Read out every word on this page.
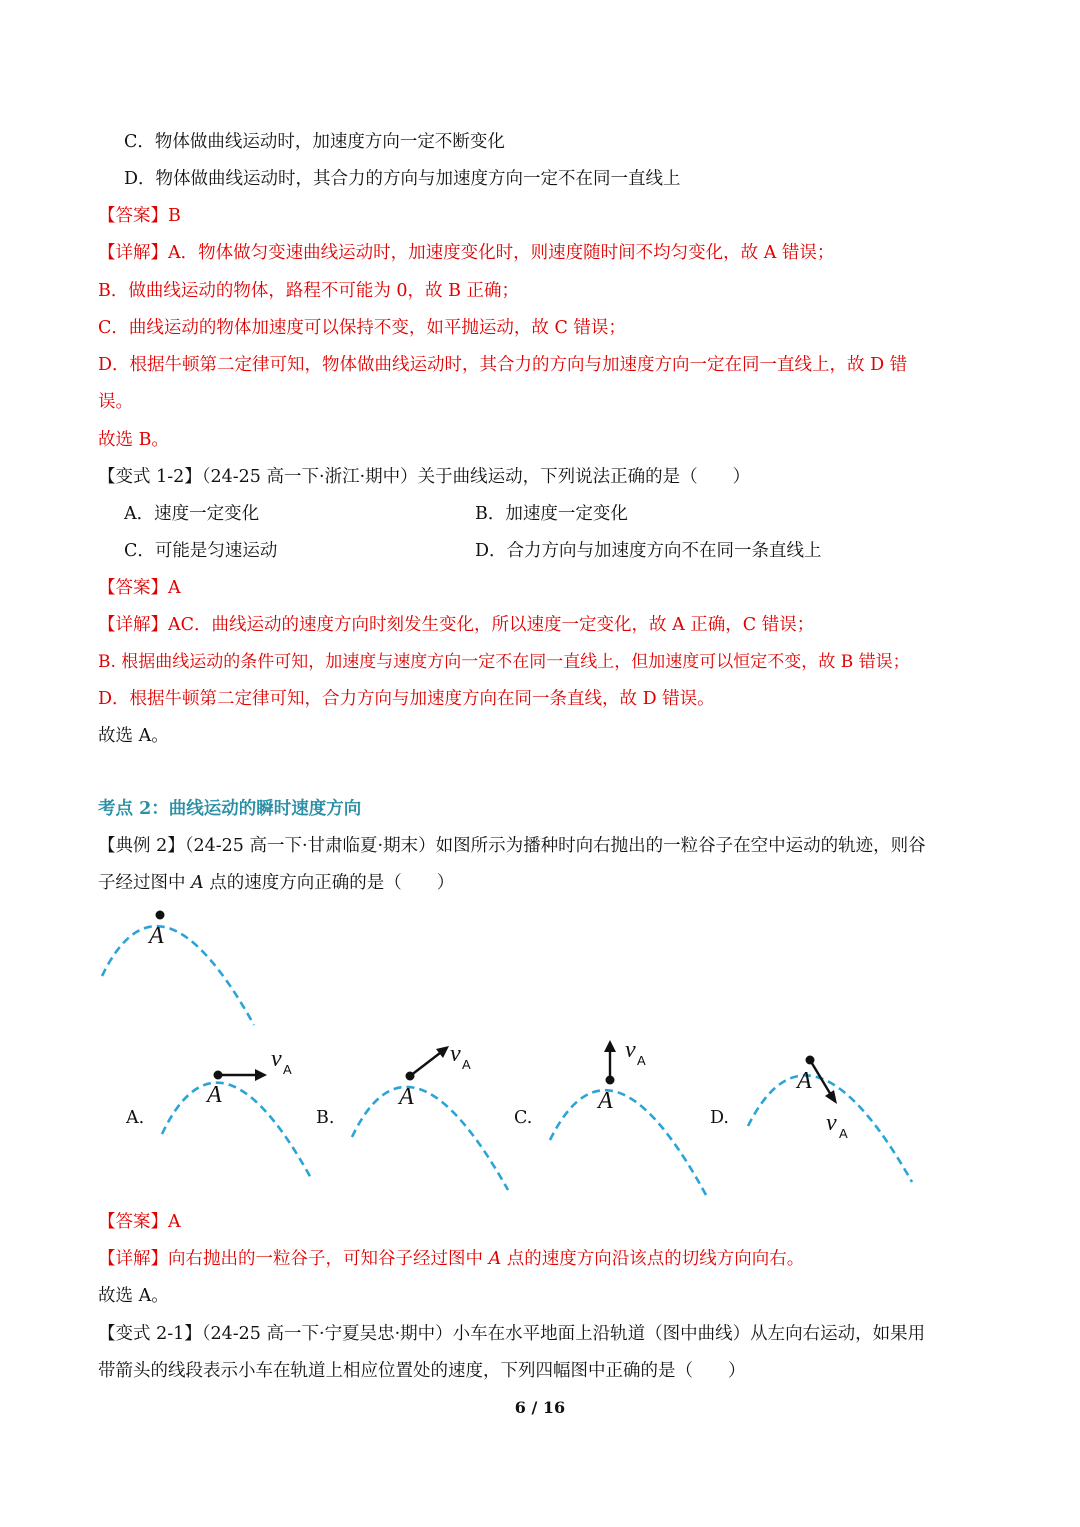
C．物体做曲线运动时，加速度方向一定不断变化
D．物体做曲线运动时，其合力的方向与加速度方向一定不在同一直线上
【答案】B
【详解】A．物体做匀变速曲线运动时，加速度变化时，则速度随时间不均匀变化，故 A 错误；
B．做曲线运动的物体，路程不可能为 0，故 B 正确；
C．曲线运动的物体加速度可以保持不变，如平抛运动，故 C 错误；
D．根据牛顿第二定律可知，物体做曲线运动时，其合力的方向与加速度方向一定在同一直线上，故 D 错
误。
故选 B。
【变式 1-2】（24-25 高一下·浙江·期中）关于曲线运动，下列说法正确的是（　　）
A．速度一定变化	B．加速度一定变化
C．可能是匀速运动	D．合力方向与加速度方向不在同一条直线上
【答案】A
【详解】AC．曲线运动的速度方向时刻发生变化，所以速度一定变化，故 A 正确，C 错误；
B. 根据曲线运动的条件可知，加速度与速度方向一定不在同一直线上，但加速度可以恒定不变，故 B 错误；
D．根据牛顿第二定律可知，合力方向与加速度方向在同一条直线，故 D 错误。
故选 A。
考点 2：曲线运动的瞬时速度方向
【典例 2】（24-25 高一下·甘肃临夏·期末）如图所示为播种时向右抛出的一粒谷子在空中运动的轨迹，则谷
子经过图中 A 点的速度方向正确的是（　　）
A
A
v A
A
v A
A
v A
A
v A
A.	B.	C.	D.
【答案】A
【详解】向右抛出的一粒谷子，可知谷子经过图中 A 点的速度方向沿该点的切线方向向右。
故选 A。
【变式 2-1】（24-25 高一下·宁夏吴忠·期中）小车在水平地面上沿轨道（图中曲线）从左向右运动，如果用
带箭头的线段表示小车在轨道上相应位置处的速度，下列四幅图中正确的是（　　）
6 / 16
